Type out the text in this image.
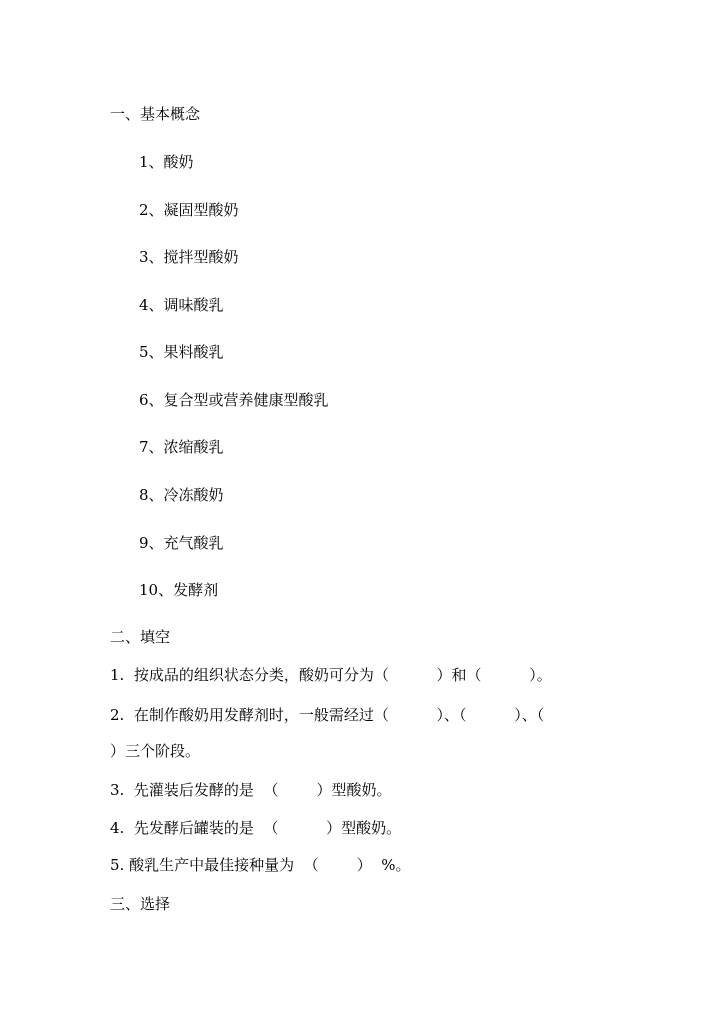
一、基本概念
1、酸奶
2、凝固型酸奶
3、搅拌型酸奶
4、调味酸乳
5、果料酸乳
6、复合型或营养健康型酸乳
7、浓缩酸乳
8、冷冻酸奶
9、充气酸乳
10、发酵剂
二、填空
1.  按成品的组织状态分类，酸奶可分为（          ）和（          ）。
2.  在制作酸奶用发酵剂时，一般需经过（          ）、（          ）、（
）三个阶段。
3.  先灌装后发酵的是  （        ）型酸奶。
4.  先发酵后罐装的是  （          ）型酸奶。
5. 酸乳生产中最佳接种量为  （        ）  %。
三、选择
